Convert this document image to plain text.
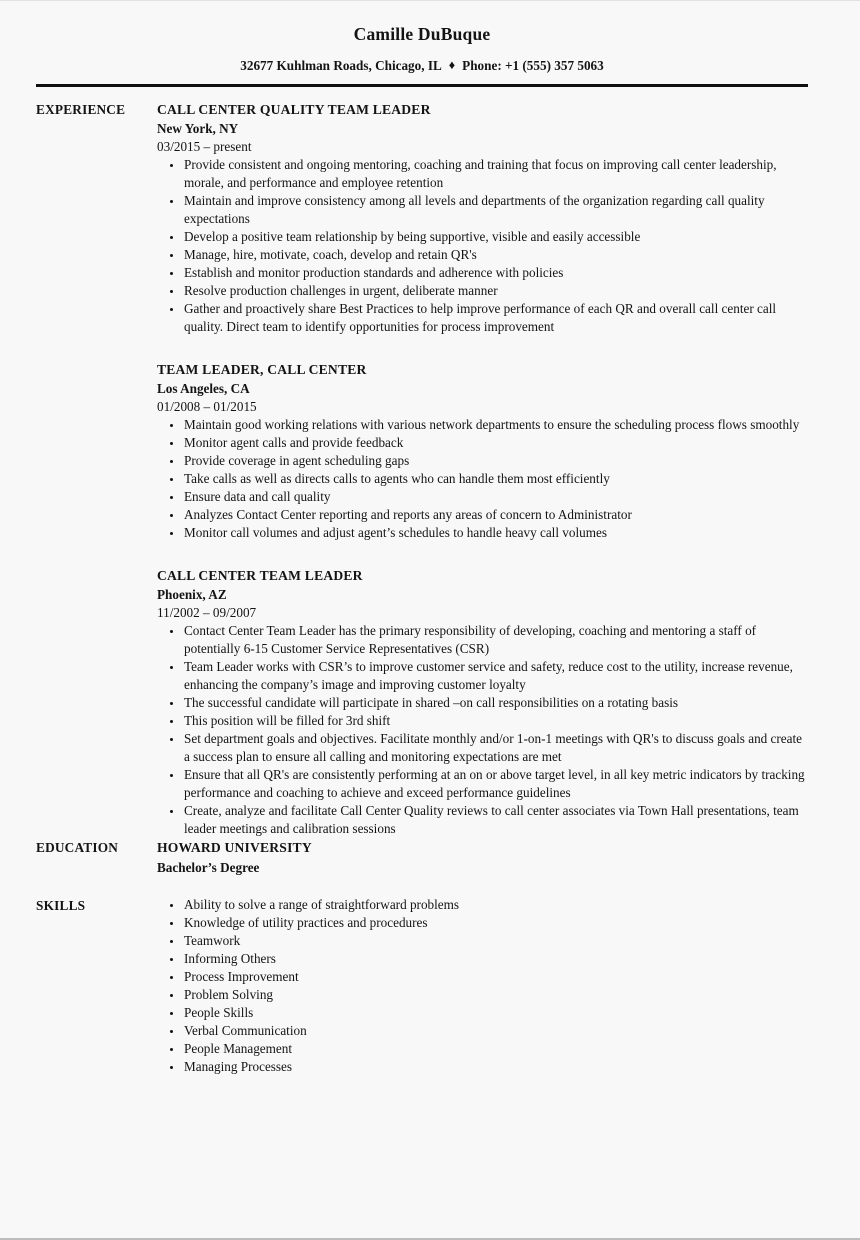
Camille DuBuque
32677 Kuhlman Roads, Chicago, IL ♦ Phone: +1 (555) 357 5063
EXPERIENCE	CALL CENTER QUALITY TEAM LEADER
New York, NY
03/2015 – present
• Provide consistent and ongoing mentoring, coaching and training that focus on improving call center leadership, morale, and performance and employee retention
• Maintain and improve consistency among all levels and departments of the organization regarding call quality expectations
• Develop a positive team relationship by being supportive, visible and easily accessible
• Manage, hire, motivate, coach, develop and retain QR's
• Establish and monitor production standards and adherence with policies
• Resolve production challenges in urgent, deliberate manner
• Gather and proactively share Best Practices to help improve performance of each QR and overall call center call quality. Direct team to identify opportunities for process improvement
TEAM LEADER, CALL CENTER
Los Angeles, CA
01/2008 – 01/2015
• Maintain good working relations with various network departments to ensure the scheduling process flows smoothly
• Monitor agent calls and provide feedback
• Provide coverage in agent scheduling gaps
• Take calls as well as directs calls to agents who can handle them most efficiently
• Ensure data and call quality
• Analyzes Contact Center reporting and reports any areas of concern to Administrator
• Monitor call volumes and adjust agent’s schedules to handle heavy call volumes
CALL CENTER TEAM LEADER
Phoenix, AZ
11/2002 – 09/2007
• Contact Center Team Leader has the primary responsibility of developing, coaching and mentoring a staff of potentially 6-15 Customer Service Representatives (CSR)
• Team Leader works with CSR’s to improve customer service and safety, reduce cost to the utility, increase revenue, enhancing the company’s image and improving customer loyalty
• The successful candidate will participate in shared –on call responsibilities on a rotating basis
• This position will be filled for 3rd shift
• Set department goals and objectives. Facilitate monthly and/or 1-on-1 meetings with QR's to discuss goals and create a success plan to ensure all calling and monitoring expectations are met
• Ensure that all QR's are consistently performing at an on or above target level, in all key metric indicators by tracking performance and coaching to achieve and exceed performance guidelines
• Create, analyze and facilitate Call Center Quality reviews to call center associates via Town Hall presentations, team leader meetings and calibration sessions
EDUCATION	HOWARD UNIVERSITY
Bachelor’s Degree
SKILLS	• Ability to solve a range of straightforward problems
• Knowledge of utility practices and procedures
• Teamwork
• Informing Others
• Process Improvement
• Problem Solving
• People Skills
• Verbal Communication
• People Management
• Managing Processes
